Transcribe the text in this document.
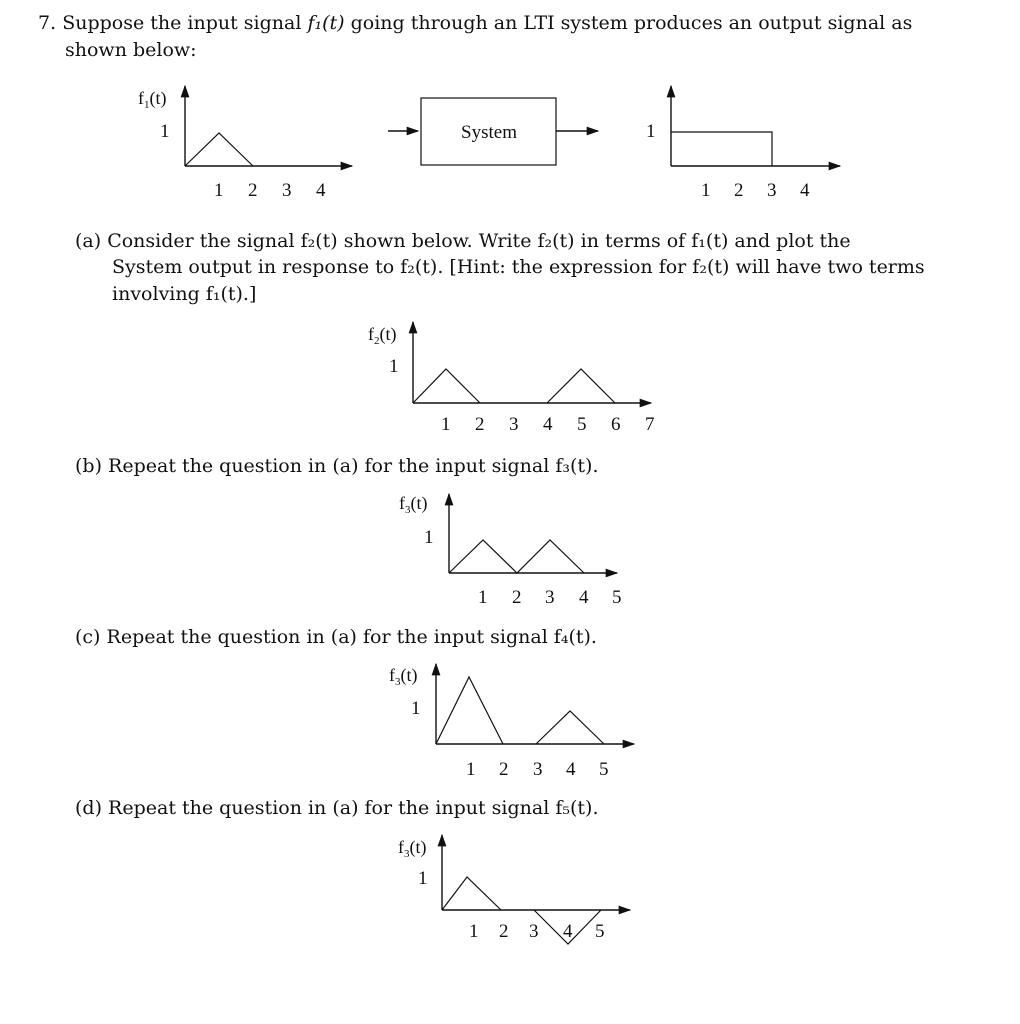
7. Suppose the input signal f₁(t) going through an LTI system produces an output signal as
shown below:
(a) Consider the signal f₂(t) shown below. Write f₂(t) in terms of f₁(t) and plot the
System output in response to f₂(t). [Hint: the expression for f₂(t) will have two terms
involving f₁(t).]
(b) Repeat the question in (a) for the input signal f₃(t).
(c) Repeat the question in (a) for the input signal f₄(t).
(d) Repeat the question in (a) for the input signal f₅(t).
$f_1(t)$
1
1 2 3 4
System	1
1 2 3 4
$f_2(t)$
1
1 2 3 4 5 6 7
$f_3(t)$
1
1 2 3 4 5
$f_3(t)$
1
1 2 3 4 5
$f_3(t)$
1
1 2 3 4 5
